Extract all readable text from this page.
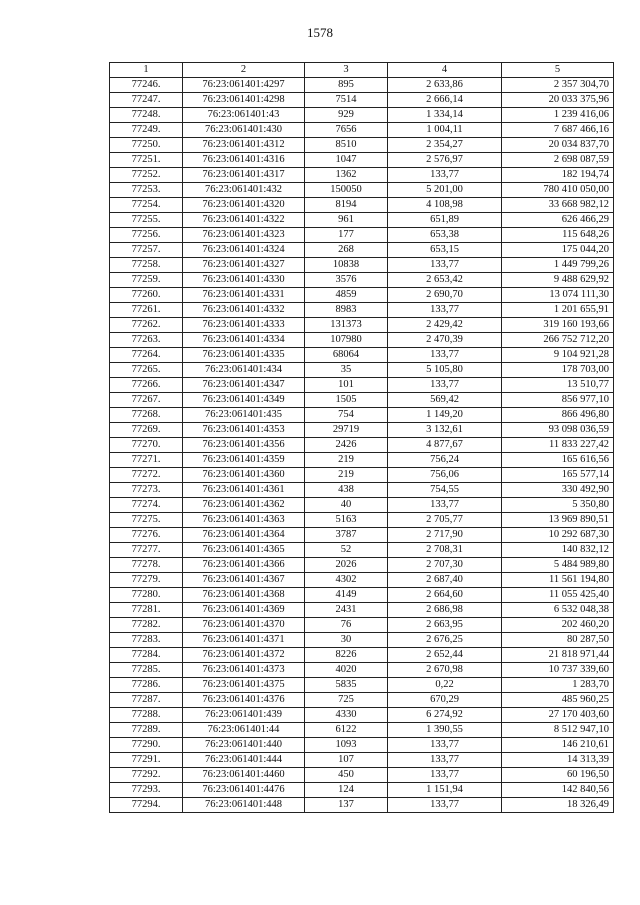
1578
1	2	3	4	5
77246.	76:23:061401:4297	895	2 633,86	2 357 304,70
77247.	76:23:061401:4298	7514	2 666,14	20 033 375,96
77248.	76:23:061401:43	929	1 334,14	1 239 416,06
77249.	76:23:061401:430	7656	1 004,11	7 687 466,16
77250.	76:23:061401:4312	8510	2 354,27	20 034 837,70
77251.	76:23:061401:4316	1047	2 576,97	2 698 087,59
77252.	76:23:061401:4317	1362	133,77	182 194,74
77253.	76:23:061401:432	150050	5 201,00	780 410 050,00
77254.	76:23:061401:4320	8194	4 108,98	33 668 982,12
77255.	76:23:061401:4322	961	651,89	626 466,29
77256.	76:23:061401:4323	177	653,38	115 648,26
77257.	76:23:061401:4324	268	653,15	175 044,20
77258.	76:23:061401:4327	10838	133,77	1 449 799,26
77259.	76:23:061401:4330	3576	2 653,42	9 488 629,92
77260.	76:23:061401:4331	4859	2 690,70	13 074 111,30
77261.	76:23:061401:4332	8983	133,77	1 201 655,91
77262.	76:23:061401:4333	131373	2 429,42	319 160 193,66
77263.	76:23:061401:4334	107980	2 470,39	266 752 712,20
77264.	76:23:061401:4335	68064	133,77	9 104 921,28
77265.	76:23:061401:434	35	5 105,80	178 703,00
77266.	76:23:061401:4347	101	133,77	13 510,77
77267.	76:23:061401:4349	1505	569,42	856 977,10
77268.	76:23:061401:435	754	1 149,20	866 496,80
77269.	76:23:061401:4353	29719	3 132,61	93 098 036,59
77270.	76:23:061401:4356	2426	4 877,67	11 833 227,42
77271.	76:23:061401:4359	219	756,24	165 616,56
77272.	76:23:061401:4360	219	756,06	165 577,14
77273.	76:23:061401:4361	438	754,55	330 492,90
77274.	76:23:061401:4362	40	133,77	5 350,80
77275.	76:23:061401:4363	5163	2 705,77	13 969 890,51
77276.	76:23:061401:4364	3787	2 717,90	10 292 687,30
77277.	76:23:061401:4365	52	2 708,31	140 832,12
77278.	76:23:061401:4366	2026	2 707,30	5 484 989,80
77279.	76:23:061401:4367	4302	2 687,40	11 561 194,80
77280.	76:23:061401:4368	4149	2 664,60	11 055 425,40
77281.	76:23:061401:4369	2431	2 686,98	6 532 048,38
77282.	76:23:061401:4370	76	2 663,95	202 460,20
77283.	76:23:061401:4371	30	2 676,25	80 287,50
77284.	76:23:061401:4372	8226	2 652,44	21 818 971,44
77285.	76:23:061401:4373	4020	2 670,98	10 737 339,60
77286.	76:23:061401:4375	5835	0,22	1 283,70
77287.	76:23:061401:4376	725	670,29	485 960,25
77288.	76:23:061401:439	4330	6 274,92	27 170 403,60
77289.	76:23:061401:44	6122	1 390,55	8 512 947,10
77290.	76:23:061401:440	1093	133,77	146 210,61
77291.	76:23:061401:444	107	133,77	14 313,39
77292.	76:23:061401:4460	450	133,77	60 196,50
77293.	76:23:061401:4476	124	1 151,94	142 840,56
77294.	76:23:061401:448	137	133,77	18 326,49
